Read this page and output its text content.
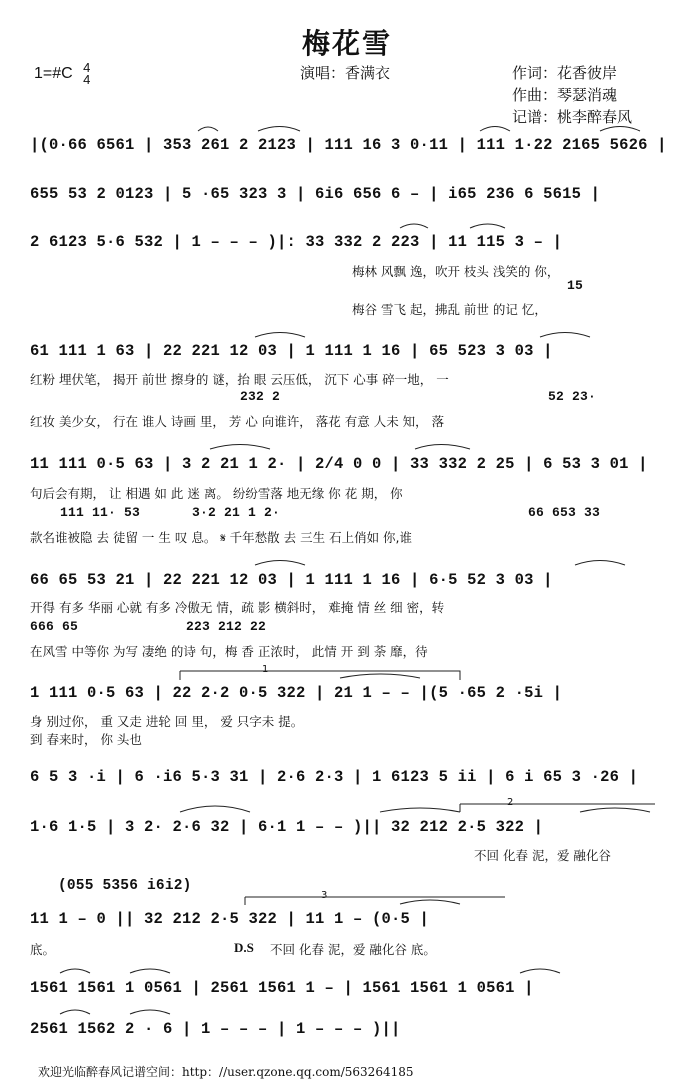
梅花雪
1=#C 4
4	演唱：香满衣	作词：花香彼岸
作曲：琴瑟消魂
记谱：桃李醉春风
|(0·66 6561 | 353 261 2 2123 | 111 16 3 0·11 | 111 1·22 2165 5626 |
655 53 2 0123 | 5 ·65 323 3 | 6i6 656 6 – | i65 236 6 5615 |
2 6123 5·6 532 | 1 – – – )|: 33 332 2 223 | 11 115 3 – |
梅林 风飘 逸，吹开 枝头 浅笑的 你，
15
梅谷 雪飞 起，拂乱 前世 的记 忆，
61 111 1 63 | 22 221 12 03 | 1 111 1 16 | 65 523 3 03 |
红粉 埋伏笔， 揭开 前世 擦身的 谜，抬 眼 云压低， 沉下 心事 碎一地， 一
232 2	52 23·
红妆 美少女， 行在 谁人 诗画 里， 芳 心 向谁许， 落花 有意 人未 知， 落
11 111 0·5 63 | 3 2 21 1 2· | 2/4 0 0 | 33 332 2 25 | 6 53 3 01 |
句后会有期， 让 相遇 如 此 迷 离。 纷纷雪落 地无缘 你 花 期， 你
111 11· 53	3·2 21 1 2·	66 653 33
款名谁被隐 去 徒留 一 生 叹 息。 𝄋 千年愁散 去 三生 石上俏如 你,谁
66 65 53 21 | 22 221 12 03 | 1 111 1 16 | 6·5 52 3 03 |
开得 有多 华丽 心就 有多 冷傲无 情，疏 影 横斜时， 难掩 情 丝 细 密，转
666 65	223 212 22
在风雪 中等你 为写 凄绝 的诗 句，梅 香 正浓时， 此情 开 到 荼 靡，待
1
1 111 0·5 63 | 22 2·2 0·5 322 | 21 1 – – |(5 ·65 2 ·5i |
身 别过你， 重 又走 进轮 回 里， 爱 只字未 提。
到 春来时， 你 头也
6 5 3 ·i | 6 ·i6 5·3 31 | 2·6 2·3 | 1 6123 5 ii | 6 i 65 3 ·26 |
2
1·6 1·5 | 3 2· 2·6 32 | 6·1 1 – – )|| 32 212 2·5 322 |
不回 化春 泥，爱 融化谷
(055 5356 i6i2)
3
11 1 – 0 || 32 212 2·5 322 | 11 1 – (0·5 |
底。	D.S 不回 化春 泥，爱 融化谷 底。
1561 1561 1 0561 | 2561 1561 1 – | 1561 1561 1 0561 |
2561 1562 2 · 6 | 1 – – – | 1 – – – )||
欢迎光临醉春风记谱空间：http：//user.qzone.qq.com/563264185
